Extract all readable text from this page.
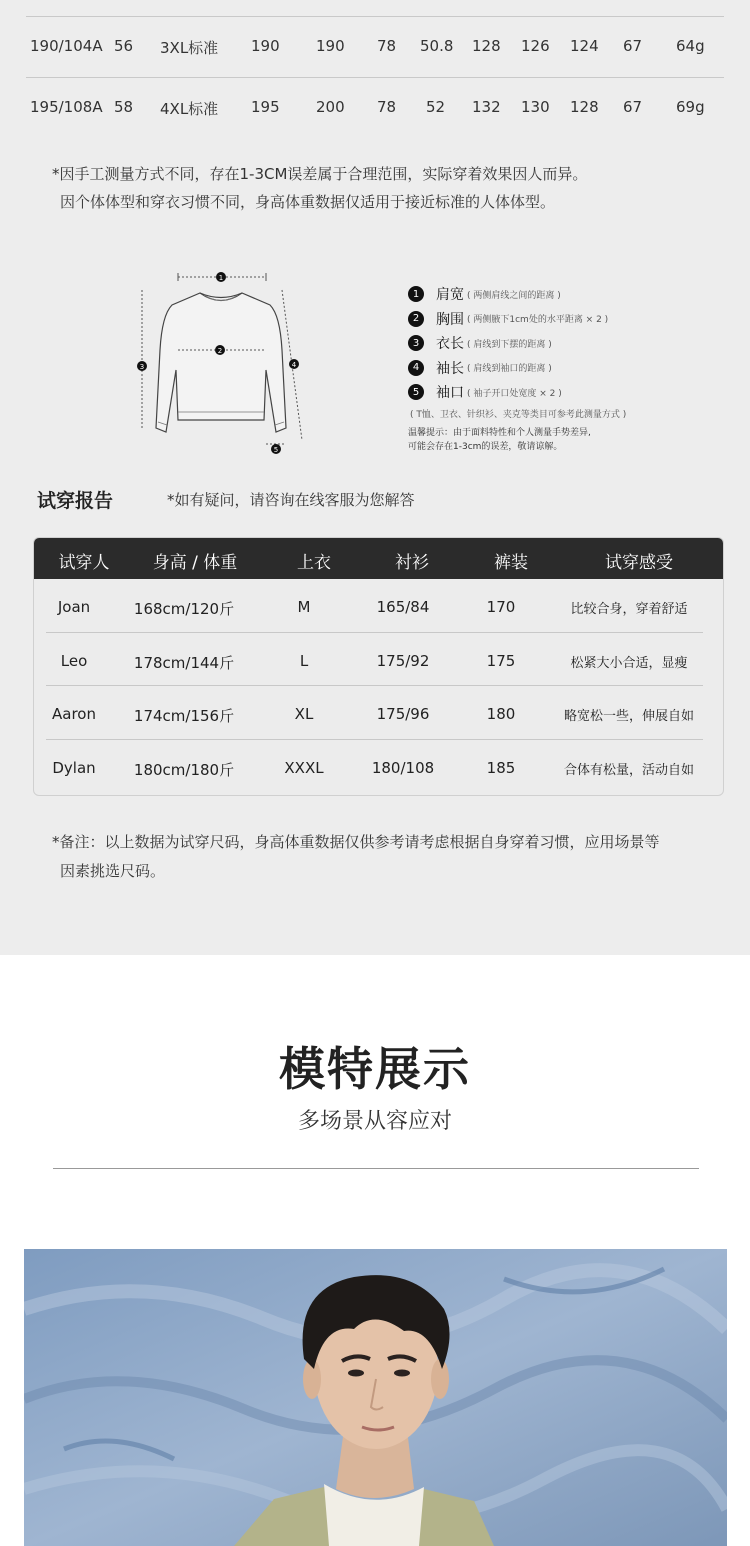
190/104A 56 3XL标准 190 190 78 50.8 128 126 124 67 64g
195/108A 58 4XL标准 195 200 78 52 132 130 128 67 69g

*因手工测量方式不同，存在1-3CM误差属于合理范围，实际穿着效果因人而异。

因个体体型和穿衣习惯不同，身高体重数据仅适用于接近标准的人体体型。

1
2
3	4
5
1	肩宽 ( 两侧肩线之间的距离 )
2	胸围 ( 两侧腋下1cm处的水平距离 × 2 )
3	衣长 ( 肩线到下摆的距离 )
4	袖长 ( 肩线到袖口的距离 )
5	袖口 ( 袖子开口处宽度 × 2 )
( T恤、卫衣、针织衫、夹克等类目可参考此测量方式 )

温馨提示：由于面料特性和个人测量手势差异,

可能会存在1-3cm的误差，敬请谅解。

试穿报告	*如有疑问，请咨询在线客服为您解答
试穿人	身高 / 体重	上衣	衬衫	裤装	试穿感受
Joan	168cm/120斤	M	165/84	170	比较合身，穿着舒适
Leo	178cm/144斤	L	175/92	175	松紧大小合适，显瘦
Aaron	174cm/156斤	XL	175/96	180	略宽松一些，伸展自如
Dylan	180cm/180斤	XXXL	180/108	185	合体有松量，活动自如

*备注：以上数据为试穿尺码，身高体重数据仅供参考请考虑根据自身穿着习惯，应用场景等

因素挑选尺码。

模特展示
多场景从容应对
